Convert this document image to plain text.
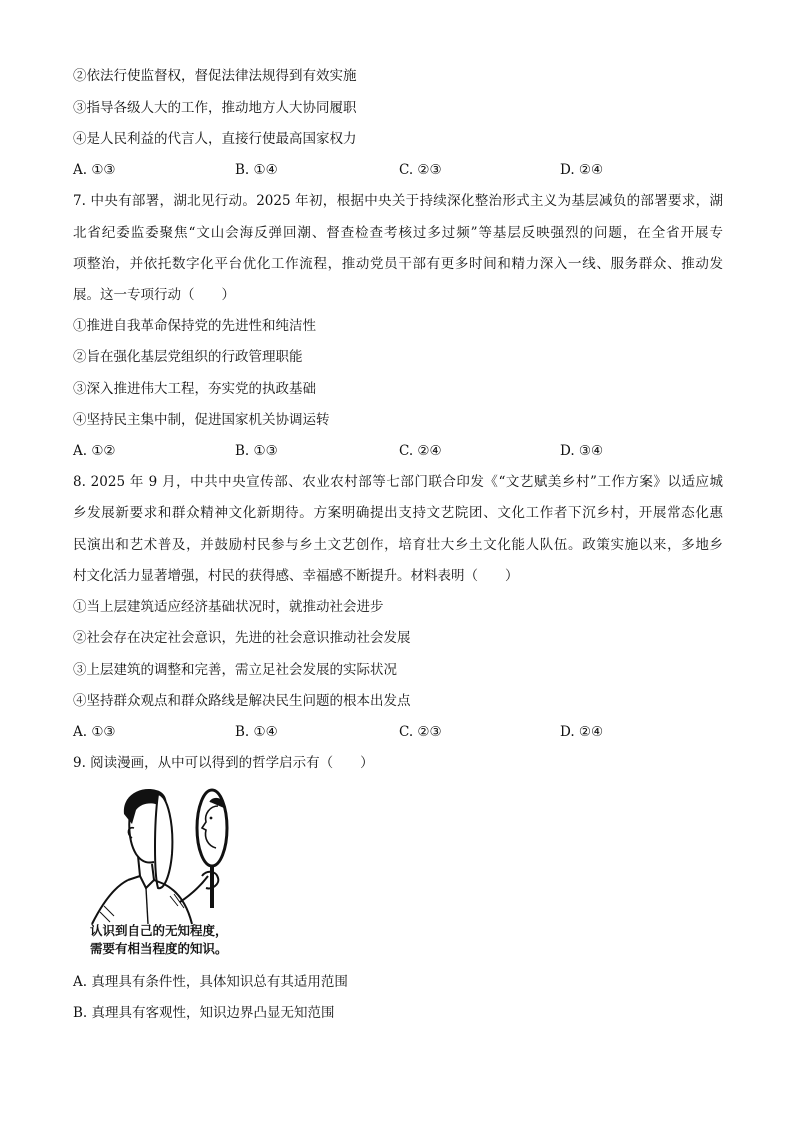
②依法行使监督权，督促法律法规得到有效实施
③指导各级人大的工作，推动地方人大协同履职
④是人民利益的代言人，直接行使最高国家权力
A. ①③	B. ①④	C. ②③	D. ②④
7. 中央有部署，湖北见行动。2025 年初，根据中央关于持续深化整治形式主义为基层减负的部署要求，湖
北省纪委监委聚焦“文山会海反弹回潮、督查检查考核过多过频”等基层反映强烈的问题，在全省开展专
项整治，并依托数字化平台优化工作流程，推动党员干部有更多时间和精力深入一线、服务群众、推动发
展。这一专项行动（　　）
①推进自我革命保持党的先进性和纯洁性
②旨在强化基层党组织的行政管理职能
③深入推进伟大工程，夯实党的执政基础
④坚持民主集中制，促进国家机关协调运转
A. ①②	B. ①③	C. ②④	D. ③④
8. 2025 年 9 月，中共中央宣传部、农业农村部等七部门联合印发《“文艺赋美乡村”工作方案》以适应城
乡发展新要求和群众精神文化新期待。方案明确提出支持文艺院团、文化工作者下沉乡村，开展常态化惠
民演出和艺术普及，并鼓励村民参与乡土文艺创作，培育壮大乡土文化能人队伍。政策实施以来，多地乡
村文化活力显著增强，村民的获得感、幸福感不断提升。材料表明（　　）
①当上层建筑适应经济基础状况时，就推动社会进步
②社会存在决定社会意识，先进的社会意识推动社会发展
③上层建筑的调整和完善，需立足社会发展的实际状况
④坚持群众观点和群众路线是解决民生问题的根本出发点
A. ①③	B. ①④	C. ②③	D. ②④
9. 阅读漫画，从中可以得到的哲学启示有（　　）
认识到自己的无知程度，
需要有相当程度的知识。
A. 真理具有条件性，具体知识总有其适用范围
B. 真理具有客观性，知识边界凸显无知范围
